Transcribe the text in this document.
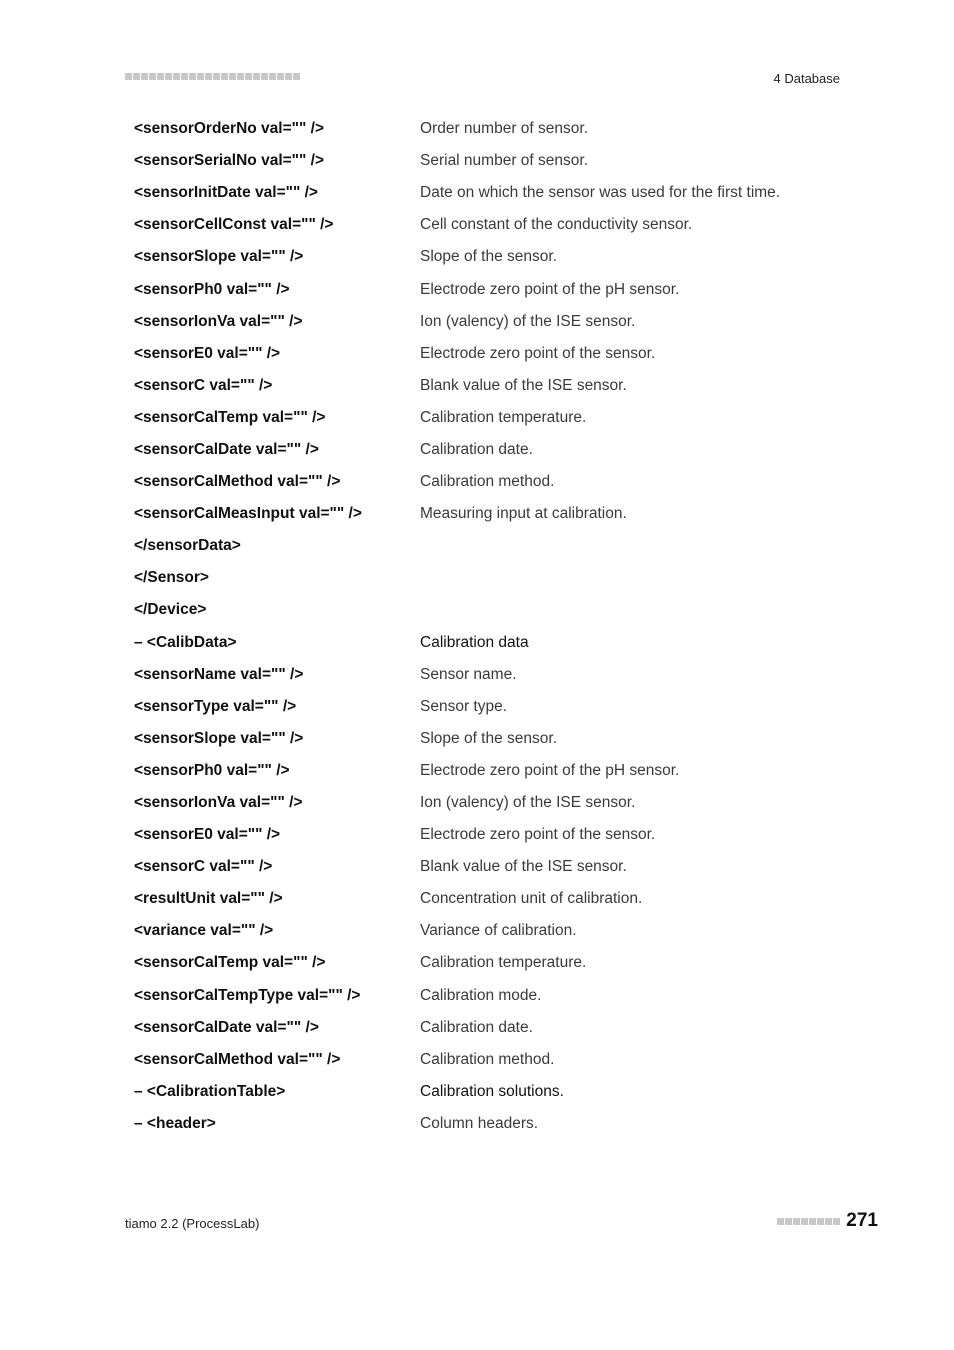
4 Database
<sensorOrderNo val="" />	Order number of sensor.
<sensorSerialNo val="" />	Serial number of sensor.
<sensorInitDate val="" />	Date on which the sensor was used for the first time.
<sensorCellConst val="" />	Cell constant of the conductivity sensor.
<sensorSlope val="" />	Slope of the sensor.
<sensorPh0 val="" />	Electrode zero point of the pH sensor.
<sensorIonVa val="" />	Ion (valency) of the ISE sensor.
<sensorE0 val="" />	Electrode zero point of the sensor.
<sensorC val="" />	Blank value of the ISE sensor.
<sensorCalTemp val="" />	Calibration temperature.
<sensorCalDate val="" />	Calibration date.
<sensorCalMethod val="" />	Calibration method.
<sensorCalMeasInput val="" />	Measuring input at calibration.
</sensorData>
</Sensor>
</Device>
– <CalibData>	Calibration data
<sensorName val="" />	Sensor name.
<sensorType val="" />	Sensor type.
<sensorSlope val="" />	Slope of the sensor.
<sensorPh0 val="" />	Electrode zero point of the pH sensor.
<sensorIonVa val="" />	Ion (valency) of the ISE sensor.
<sensorE0 val="" />	Electrode zero point of the sensor.
<sensorC val="" />	Blank value of the ISE sensor.
<resultUnit val="" />	Concentration unit of calibration.
<variance val="" />	Variance of calibration.
<sensorCalTemp val="" />	Calibration temperature.
<sensorCalTempType val="" />	Calibration mode.
<sensorCalDate val="" />	Calibration date.
<sensorCalMethod val="" />	Calibration method.
– <CalibrationTable>	Calibration solutions.
– <header>	Column headers.
tiamo 2.2 (ProcessLab)	271
